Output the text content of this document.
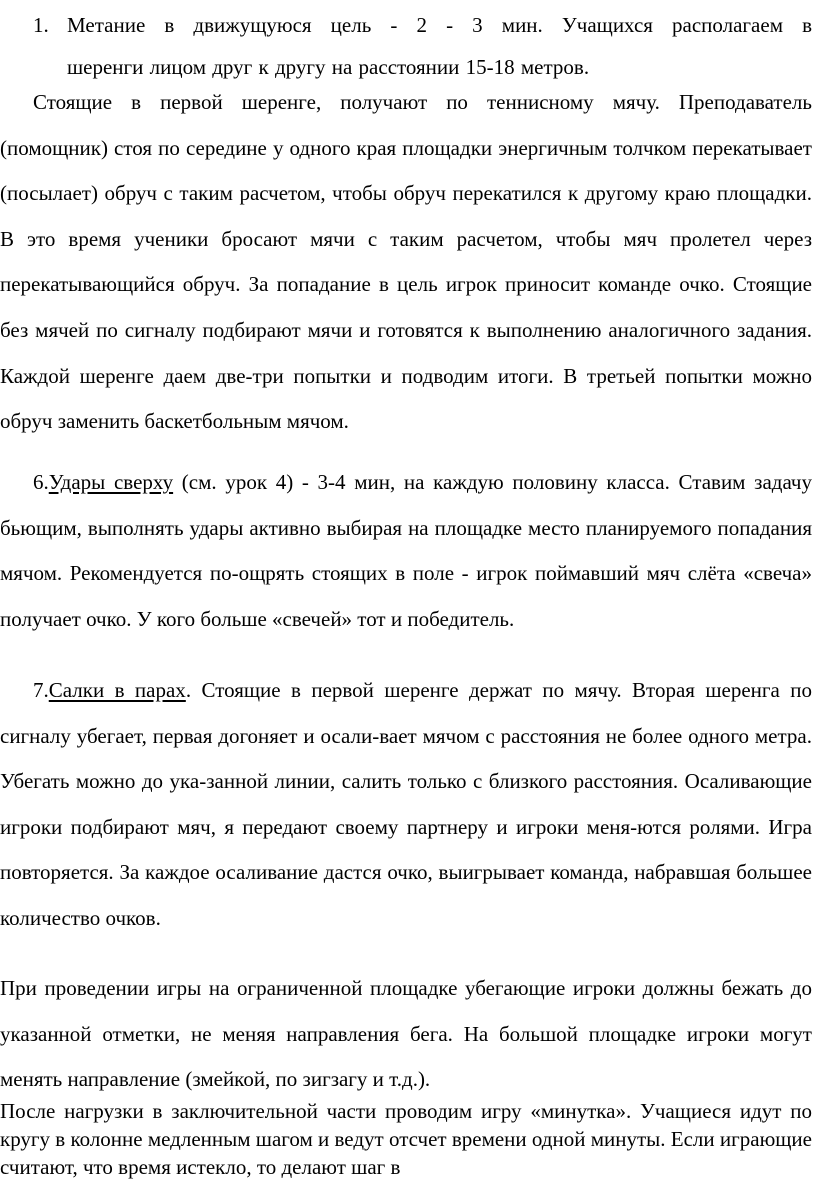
1. Метание в движущуюся цель - 2 - 3 мин. Учащихся располагаем в
шеренги лицом друг к другу на расстоянии 15-18 метров.

Стоящие в первой шеренге, получают по теннисному мячу. Преподаватель (помощник) стоя по середине у одного края площадки энергичным толчком перекатывает (посылает) обруч с таким расчетом, чтобы обруч перекатился к другому краю площадки. В это время ученики бросают мячи с таким расчетом, чтобы мяч пролетел через перекатывающийся обруч. За попадание в цель игрок приносит команде очко. Стоящие без мячей по сигналу подбирают мячи и готовятся к выполнению аналогичного задания. Каждой шеренге даем две-три попытки и подводим итоги. В третьей попытки можно обруч заменить баскетбольным мячом.

6.Удары сверху (см. урок 4) - 3-4 мин, на каждую половину класса. Ставим задачу бьющим, выполнять удары активно выбирая на площадке место планируемого попадания мячом. Рекомендуется по-ощрять стоящих в поле - игрок поймавший мяч слёта «свеча» получает очко. У кого больше «свечей» тот и победитель.

7.Салки в парах. Стоящие в первой шеренге держат по мячу. Вторая шеренга по сигналу убегает, первая догоняет и осали-вает мячом с расстояния не более одного метра. Убегать можно до ука-занной линии, салить только с близкого расстояния. Осаливающие игроки подбирают мяч, я передают своему партнеру и игроки меня-ются ролями. Игра повторяется. За каждое осаливание дастся очко, выигрывает команда, набравшая большее количество очков.

При проведении игры на ограниченной площадке убегающие игроки должны бежать до указанной отметки, не меняя направления бега. На большой площадке игроки могут менять направление (змейкой, по зигзагу и т.д.).

После нагрузки в заключительной части проводим игру «минутка». Учащиеся идут по кругу в колонне медленным шагом и ведут отсчет времени одной минуты. Если играющие считают, что время истекло, то делают шаг в
